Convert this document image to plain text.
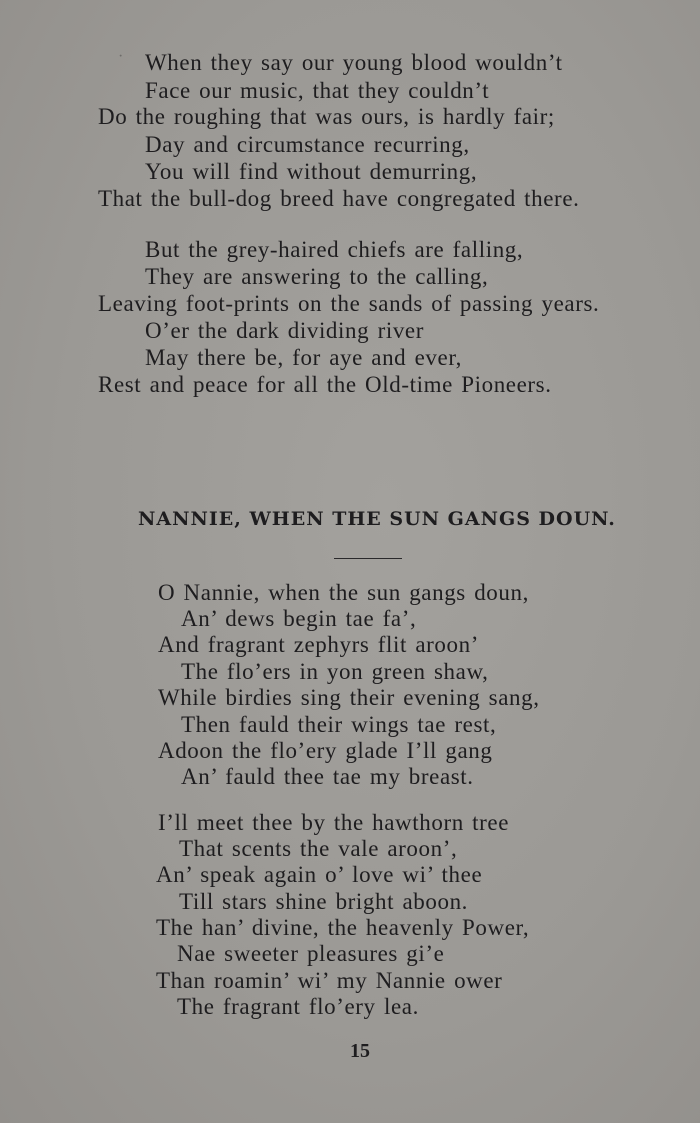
· When they say our young blood wouldn’t
Face our music, that they couldn’t
Do the roughing that was ours, is hardly fair;
Day and circumstance recurring,
You will find without demurring,
That the bull-dog breed have congregated there.
But the grey-haired chiefs are falling,
They are answering to the calling,
Leaving foot-prints on the sands of passing years.
O’er the dark dividing river
May there be, for aye and ever,
Rest and peace for all the Old-time Pioneers.
NANNIE, WHEN THE SUN GANGS DOUN.
O Nannie, when the sun gangs doun,
An’ dews begin tae fa’,
And fragrant zephyrs flit aroon’
The flo’ers in yon green shaw,
While birdies sing their evening sang,
Then fauld their wings tae rest,
Adoon the flo’ery glade I’ll gang
An’ fauld thee tae my breast.
I’ll meet thee by the hawthorn tree
That scents the vale aroon’,
An’ speak again o’ love wi’ thee
Till stars shine bright aboon.
The han’ divine, the heavenly Power,
Nae sweeter pleasures gi’e
Than roamin’ wi’ my Nannie ower
The fragrant flo’ery lea.
15
